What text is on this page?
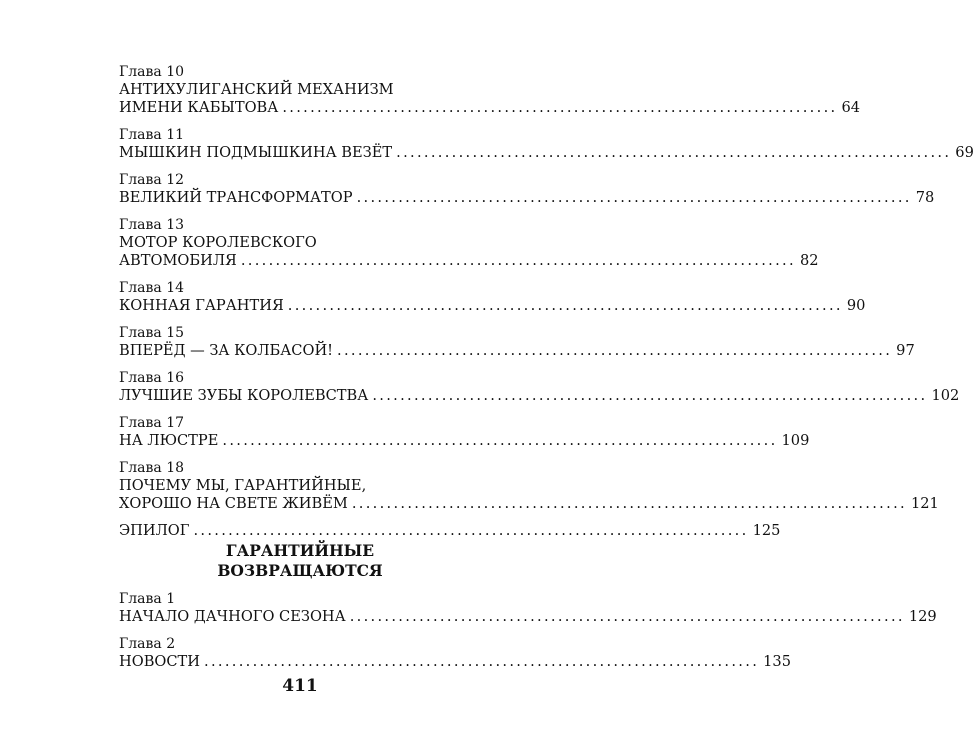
Глава 10
АНТИХУЛИГАНСКИЙ МЕХАНИЗМ
ИМЕНИ КАБЫТОВА ................................................................................ 64
Глава 11
МЫШКИН ПОДМЫШКИНА ВЕЗЁТ ................................................................................ 69
Глава 12
ВЕЛИКИЙ ТРАНСФОРМАТОР ................................................................................ 78
Глава 13
МОТОР КОРОЛЕВСКОГО
АВТОМОБИЛЯ ................................................................................ 82
Глава 14
КОННАЯ ГАРАНТИЯ ................................................................................ 90
Глава 15
ВПЕРЁД — ЗА КОЛБАСОЙ! ................................................................................ 97
Глава 16
ЛУЧШИЕ ЗУБЫ КОРОЛЕВСТВА ................................................................................ 102
Глава 17
НА ЛЮСТРЕ ................................................................................ 109
Глава 18
ПОЧЕМУ МЫ, ГАРАНТИЙНЫЕ,
ХОРОШО НА СВЕТЕ ЖИВЁМ ................................................................................ 121
ЭПИЛОГ ................................................................................ 125
ГАРАНТИЙНЫЕ
ВОЗВРАЩАЮТСЯ
Глава 1
НАЧАЛО ДАЧНОГО СЕЗОНА ................................................................................ 129
Глава 2
НОВОСТИ ................................................................................ 135
411
